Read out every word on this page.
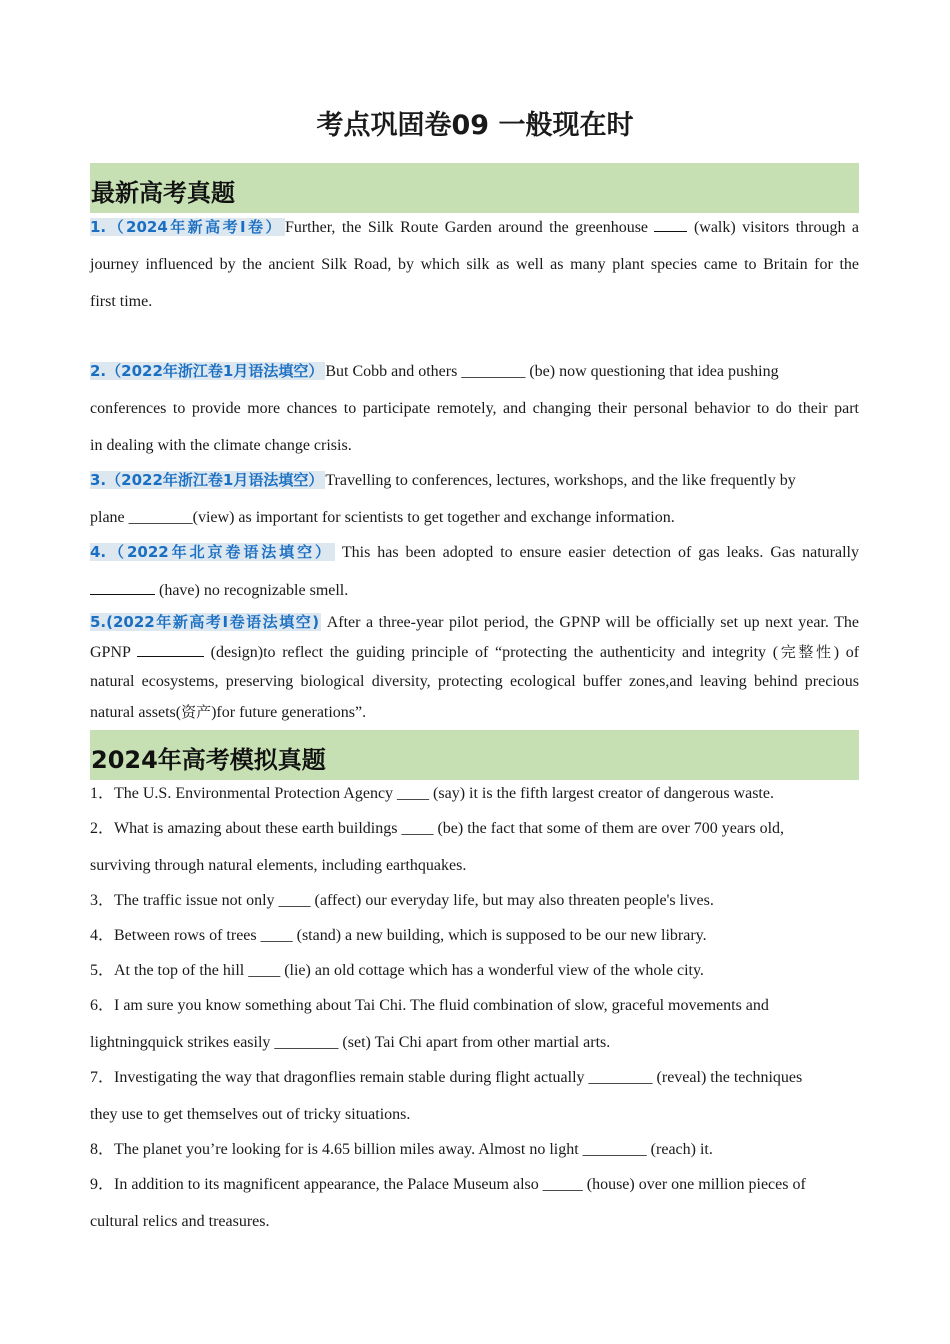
考点巩固卷09 一般现在时
最新高考真题
1.（2024年新高考I卷） Further, the Silk Route Garden around the greenhouse	(walk) visitors through a
journey influenced by the ancient Silk Road, by which silk as well as many plant species came to Britain for the
first time.
2.（2022年浙江卷1月语法填空） But Cobb and others ________ (be) now questioning that idea pushing
conferences to provide more chances to participate remotely, and changing their personal behavior to do their part
in dealing with the climate change crisis.
3.（2022年浙江卷1月语法填空） Travelling to conferences, lectures, workshops, and the like frequently by
plane ________(view) as important for scientists to get together and exchange information.
4.（2022年北京卷语法填空） This has been adopted to ensure easier detection of gas leaks. Gas naturally
(have) no recognizable smell.
5.(2022年新高考I卷语法填空) After a three-year pilot period, the GPNP will be officially set up next year. The
GPNP	(design)to reflect the guiding principle of “protecting the authenticity and integrity (完整性) of
natural ecosystems, preserving biological diversity, protecting ecological buffer zones,and leaving behind precious
natural assets(资产)for future generations”.
2024年高考模拟真题
1．The U.S. Environmental Protection Agency ____ (say) it is the fifth largest creator of dangerous waste.
2．What is amazing about these earth buildings ____ (be) the fact that some of them are over 700 years old,
surviving through natural elements, including earthquakes.
3．The traffic issue not only ____ (affect) our everyday life, but may also threaten people's lives.
4．Between rows of trees ____ (stand) a new building, which is supposed to be our new library.
5．At the top of the hill ____ (lie) an old cottage which has a wonderful view of the whole city.
6．I am sure you know something about Tai Chi. The fluid combination of slow, graceful movements and
lightningquick strikes easily ________ (set) Tai Chi apart from other martial arts.
7．Investigating the way that dragonflies remain stable during flight actually ________ (reveal) the techniques
they use to get themselves out of tricky situations.
8．The planet you’re looking for is 4.65 billion miles away. Almost no light ________ (reach) it.
9．In addition to its magnificent appearance, the Palace Museum also _____ (house) over one million pieces of
cultural relics and treasures.
